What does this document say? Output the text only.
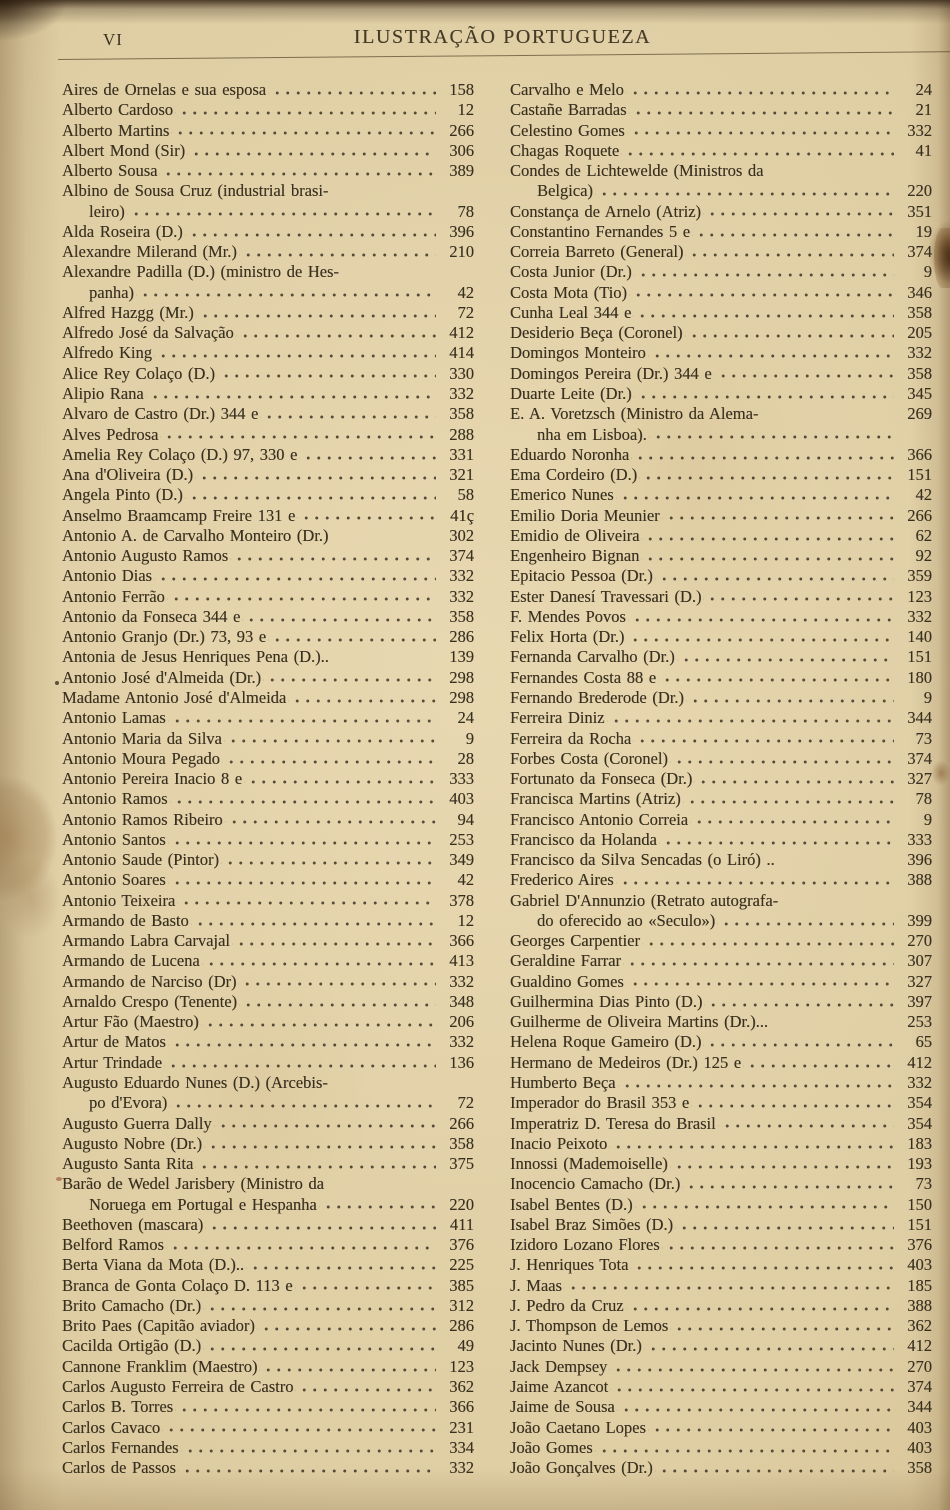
VI	ILUSTRAÇÃO PORTUGUEZA
Aires de Ornelas e sua esposa	158
Alberto Cardoso	12
Alberto Martins	266
Albert Mond (Sir)	306
Alberto Sousa	389
Albino de Sousa Cruz (industrial brasi-
leiro)	78
Alda Roseira (D.)	396
Alexandre Milerand (Mr.)	210
Alexandre Padilla (D.) (ministro de Hes-
panha)	42
Alfred Hazgg (Mr.)	72
Alfredo José da Salvação	412
Alfredo King	414
Alice Rey Colaço (D.)	330
Alipio Rana	332
Alvaro de Castro (Dr.) 344 e	358
Alves Pedrosa	288
Amelia Rey Colaço (D.) 97, 330 e	331
Ana d'Oliveira (D.)	321
Angela Pinto (D.)	58
Anselmo Braamcamp Freire 131 e	41ç
Antonio A. de Carvalho Monteiro (Dr.)	302
Antonio Augusto Ramos	374
Antonio Dias	332
Antonio Ferrão	332
Antonio da Fonseca 344 e	358
Antonio Granjo (Dr.) 73, 93 e	286
Antonia de Jesus Henriques Pena (D.)..	139
Antonio José d'Almeida (Dr.)	298
Madame Antonio José d'Almeida	298
Antonio Lamas	24
Antonio Maria da Silva	9
Antonio Moura Pegado	28
Antonio Pereira Inacio 8 e	333
Antonio Ramos	403
Antonio Ramos Ribeiro	94
Antonio Santos	253
Antonio Saude (Pintor)	349
Antonio Soares	42
Antonio Teixeira	378
Armando de Basto	12
Armando Labra Carvajal	366
Armando de Lucena	413
Armando de Narciso (Dr)	332
Arnaldo Crespo (Tenente)	348
Artur Fão (Maestro)	206
Artur de Matos	332
Artur Trindade	136
Augusto Eduardo Nunes (D.) (Arcebis-
po d'Evora)	72
Augusto Guerra Dally	266
Augusto Nobre (Dr.)	358
Augusto Santa Rita	375
Barão de Wedel Jarisbery (Ministro da
Noruega em Portugal e Hespanha	220
Beethoven (mascara)	411
Belford Ramos	376
Berta Viana da Mota (D.)..	225
Branca de Gonta Colaço D. 113 e	385
Brito Camacho (Dr.)	312
Brito Paes (Capitão aviador)	286
Cacilda Ortigão (D.)	49
Cannone Franklim (Maestro)	123
Carlos Augusto Ferreira de Castro	362
Carlos B. Torres	366
Carlos Cavaco	231
Carlos Fernandes	334
Carlos de Passos	332
Carvalho e Melo	24
Castañe Barradas	21
Celestino Gomes	332
Chagas Roquete	41
Condes de Lichtewelde (Ministros da
Belgica)	220
Constança de Arnelo (Atriz)	351
Constantino Fernandes 5 e	19
Correia Barreto (General)	374
Costa Junior (Dr.)	9
Costa Mota (Tio)	346
Cunha Leal 344 e	358
Desiderio Beça (Coronel)	205
Domingos Monteiro	332
Domingos Pereira (Dr.) 344 e	358
Duarte Leite (Dr.)	345
E. A. Voretzsch (Ministro da Alema-	269
nha em Lisboa).
Eduardo Noronha	366
Ema Cordeiro (D.)	151
Emerico Nunes	42
Emilio Doria Meunier	266
Emidio de Oliveira	62
Engenheiro Bignan	92
Epitacio Pessoa (Dr.)	359
Ester Danesí Travessari (D.)	123
F. Mendes Povos	332
Felix Horta (Dr.)	140
Fernanda Carvalho (Dr.)	151
Fernandes Costa 88 e	180
Fernando Brederode (Dr.)	9
Ferreira Diniz	344
Ferreira da Rocha	73
Forbes Costa (Coronel)	374
Fortunato da Fonseca (Dr.)	327
Francisca Martins (Atriz)	78
Francisco Antonio Correia	9
Francisco da Holanda	333
Francisco da Silva Sencadas (o Liró) ..	396
Frederico Aires	388
Gabriel D'Annunzio (Retrato autografa-
do oferecido ao «Seculo»)	399
Georges Carpentier	270
Geraldine Farrar	307
Gualdino Gomes	327
Guilhermina Dias Pinto (D.)	397
Guilherme de Oliveira Martins (Dr.)...	253
Helena Roque Gameiro (D.)	65
Hermano de Medeiros (Dr.) 125 e	412
Humberto Beça	332
Imperador do Brasil 353 e	354
Imperatriz D. Teresa do Brasil	354
Inacio Peixoto	183
Innossi (Mademoiselle)	193
Inocencio Camacho (Dr.)	73
Isabel Bentes (D.)	150
Isabel Braz Simões (D.)	151
Izidoro Lozano Flores	376
J. Henriques Tota	403
J. Maas	185
J. Pedro da Cruz	388
J. Thompson de Lemos	362
Jacinto Nunes (Dr.)	412
Jack Dempsey	270
Jaime Azancot	374
Jaime de Sousa	344
João Caetano Lopes	403
João Gomes	403
João Gonçalves (Dr.)	358
